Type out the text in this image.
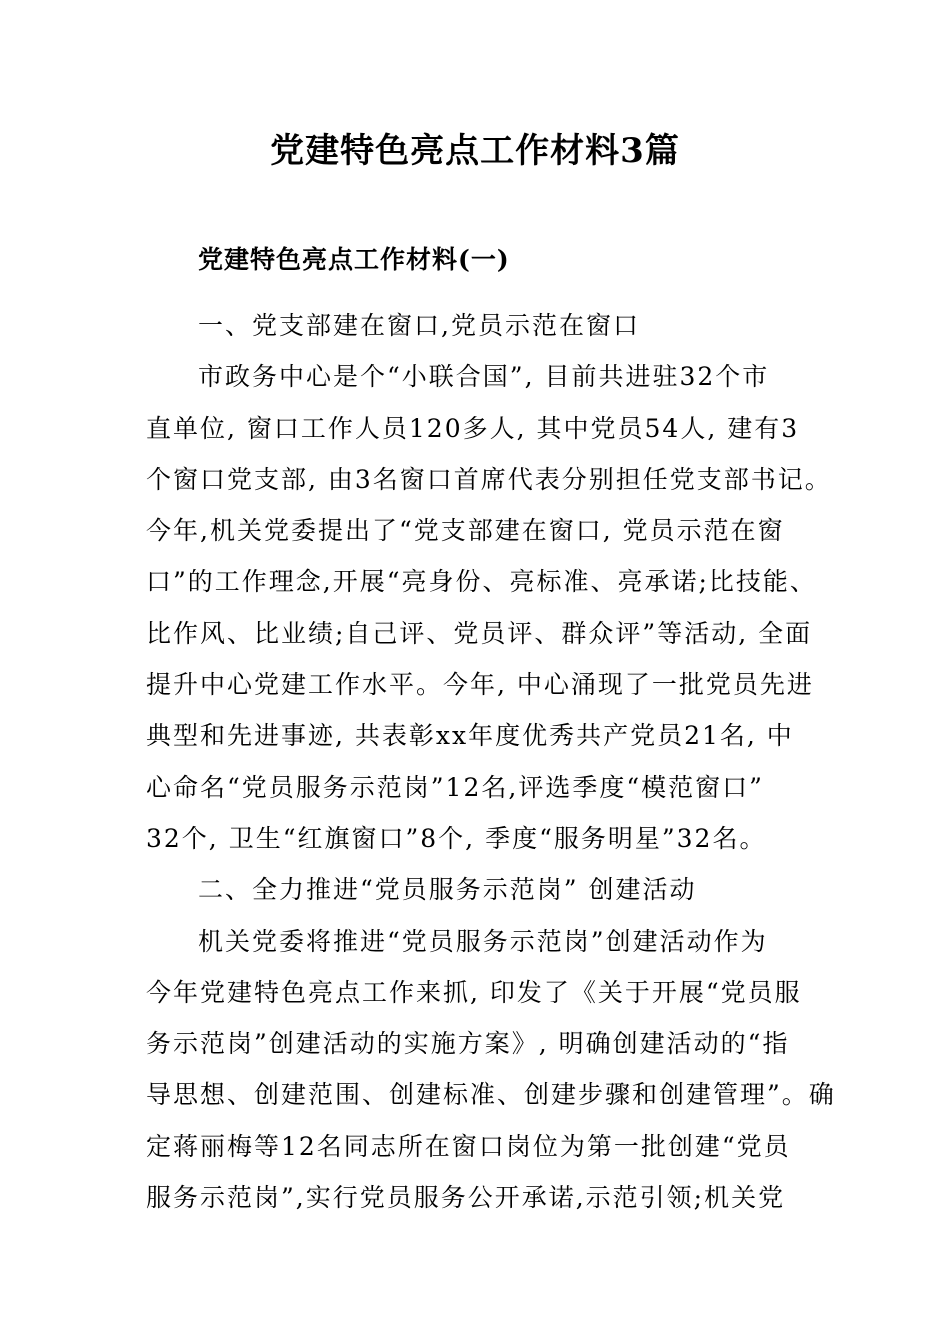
党建特色亮点工作材料3篇
党建特色亮点工作材料(一)
一、党支部建在窗口,党员示范在窗口
市政务中心是个“小联合国”, 目前共进驻32个市
直单位, 窗口工作人员120多人, 其中党员54人, 建有3
个窗口党支部, 由3名窗口首席代表分别担任党支部书记。
今年,机关党委提出了“党支部建在窗口, 党员示范在窗
口”的工作理念,开展“亮身份、亮标准、亮承诺;比技能、
比作风、比业绩;自己评、党员评、群众评”等活动, 全面
提升中心党建工作水平。今年, 中心涌现了一批党员先进
典型和先进事迹, 共表彰xx年度优秀共产党员21名, 中
心命名“党员服务示范岗”12名,评选季度“模范窗口”
32个, 卫生“红旗窗口”8个, 季度“服务明星”32名。
二、全力推进“党员服务示范岗” 创建活动
机关党委将推进“党员服务示范岗”创建活动作为
今年党建特色亮点工作来抓, 印发了《关于开展“党员服
务示范岗”创建活动的实施方案》, 明确创建活动的“指
导思想、创建范围、创建标准、创建步骤和创建管理”。确
定蒋丽梅等12名同志所在窗口岗位为第一批创建“党员
服务示范岗”,实行党员服务公开承诺,示范引领;机关党
